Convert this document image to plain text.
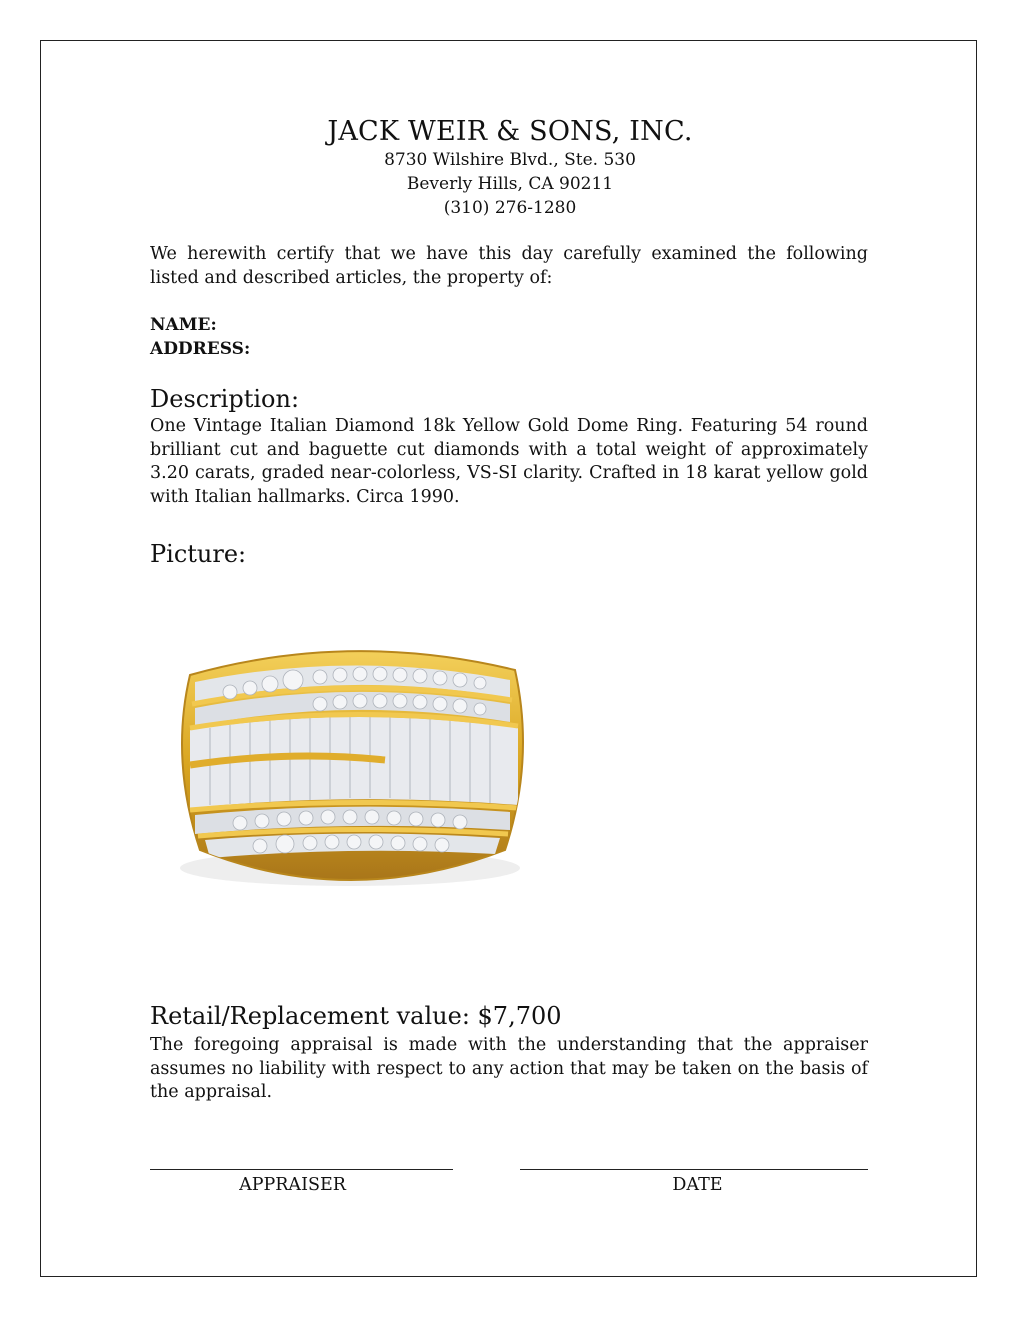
JACK WEIR & SONS, INC.
8730 Wilshire Blvd., Ste. 530
Beverly Hills, CA 90211
(310) 276-1280
We herewith certify that we have this day carefully examined the following listed and described articles, the property of:
NAME:
ADDRESS:
Description:
One Vintage Italian Diamond 18k Yellow Gold Dome Ring. Featuring 54 round brilliant cut and baguette cut diamonds with a total weight of approximately 3.20 carats, graded near-colorless, VS-SI clarity. Crafted in 18 karat yellow gold with Italian hallmarks. Circa 1990.
Picture:
Retail/Replacement value: $7,700
The foregoing appraisal is made with the understanding that the appraiser assumes no liability with respect to any action that may be taken on the basis of the appraisal.
APPRAISER	DATE
